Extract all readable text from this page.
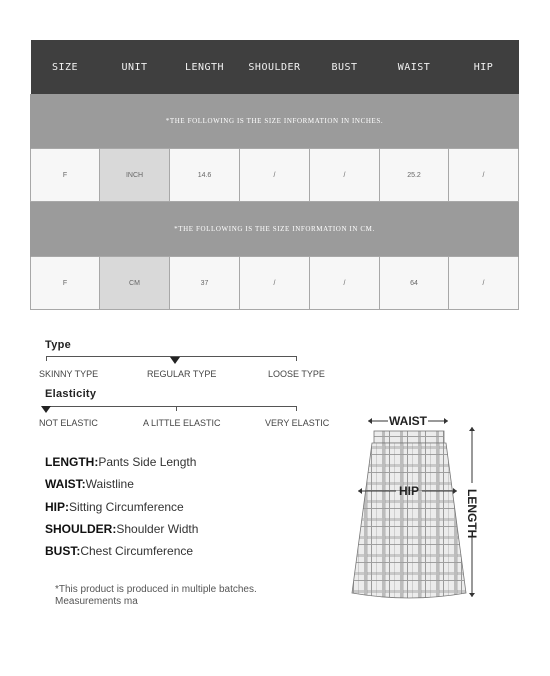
SIZE	UNIT	LENGTH	SHOULDER	BUST	WAIST	HIP
*THE FOLLOWING IS THE SIZE INFORMATION IN INCHES.						
F	INCH	14.6	/	/	25.2	/
*THE FOLLOWING IS THE SIZE INFORMATION IN CM.						
F	CM	37	/	/	64	/
Type
SKINNY TYPE	REGULAR TYPE	LOOSE TYPE
Elasticity
NOT ELASTIC	A LITTLE ELASTIC	VERY ELASTIC
LENGTH:Pants Side Length
WAIST:Waistline
HIP:Sitting Circumference
SHOULDER:Shoulder Width
BUST:Chest Circumference
*This product is produced in multiple batches. Measurements ma
WAIST
HIP	LENGTH
